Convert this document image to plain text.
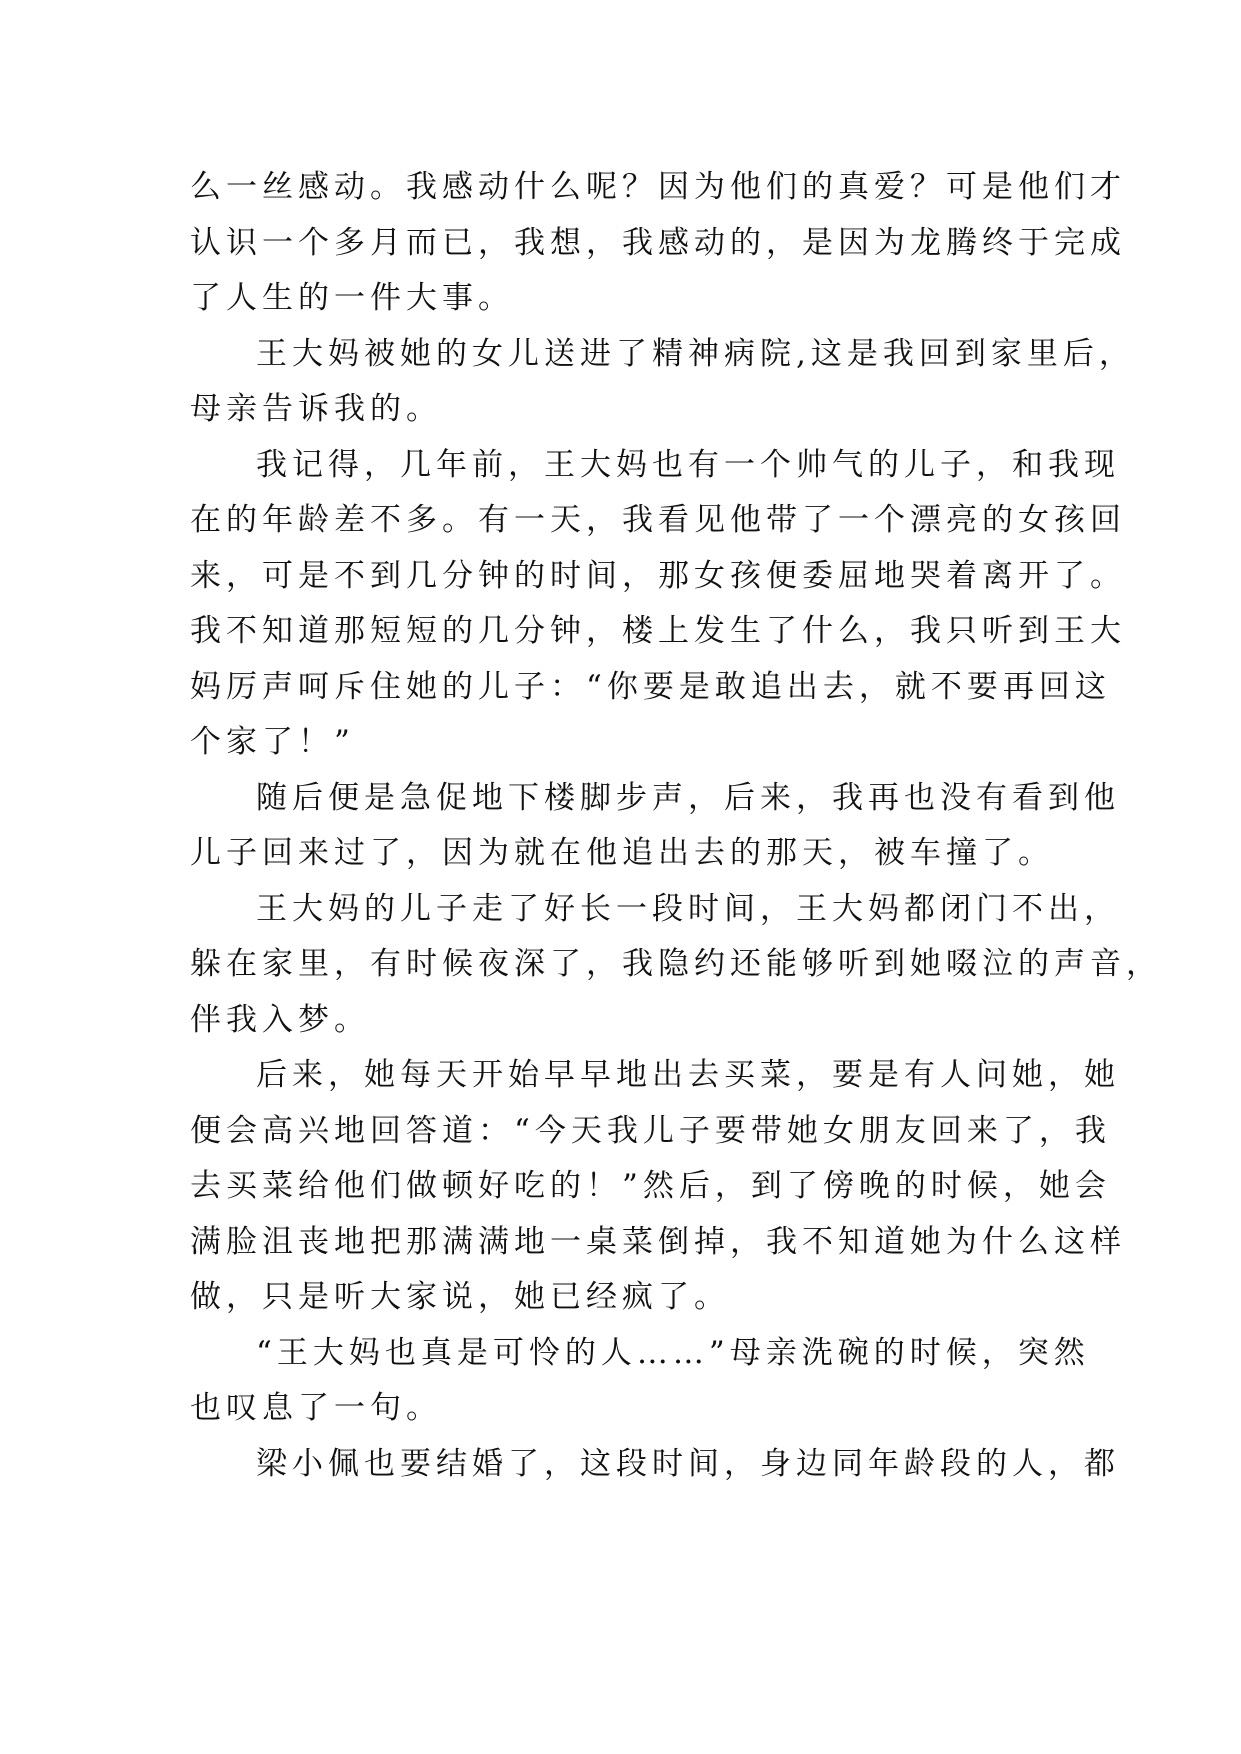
么一丝感动。我感动什么呢？因为他们的真爱？可是他们才
认识一个多月而已，我想，我感动的，是因为龙腾终于完成
了人生的一件大事。
王大妈被她的女儿送进了精神病院,这是我回到家里后，
母亲告诉我的。
我记得，几年前，王大妈也有一个帅气的儿子，和我现
在的年龄差不多。有一天，我看见他带了一个漂亮的女孩回
来，可是不到几分钟的时间，那女孩便委屈地哭着离开了。
我不知道那短短的几分钟，楼上发生了什么，我只听到王大
妈厉声呵斥住她的儿子：“你要是敢追出去，就不要再回这
个家了！”
随后便是急促地下楼脚步声，后来，我再也没有看到他
儿子回来过了，因为就在他追出去的那天，被车撞了。
王大妈的儿子走了好长一段时间，王大妈都闭门不出，
躲在家里，有时候夜深了，我隐约还能够听到她啜泣的声音，
伴我入梦。
后来，她每天开始早早地出去买菜，要是有人问她，她
便会高兴地回答道：“今天我儿子要带她女朋友回来了，我
去买菜给他们做顿好吃的！”然后，到了傍晚的时候，她会
满脸沮丧地把那满满地一桌菜倒掉，我不知道她为什么这样
做，只是听大家说，她已经疯了。
“王大妈也真是可怜的人……”母亲洗碗的时候，突然
也叹息了一句。
梁小佩也要结婚了，这段时间，身边同年龄段的人，都
